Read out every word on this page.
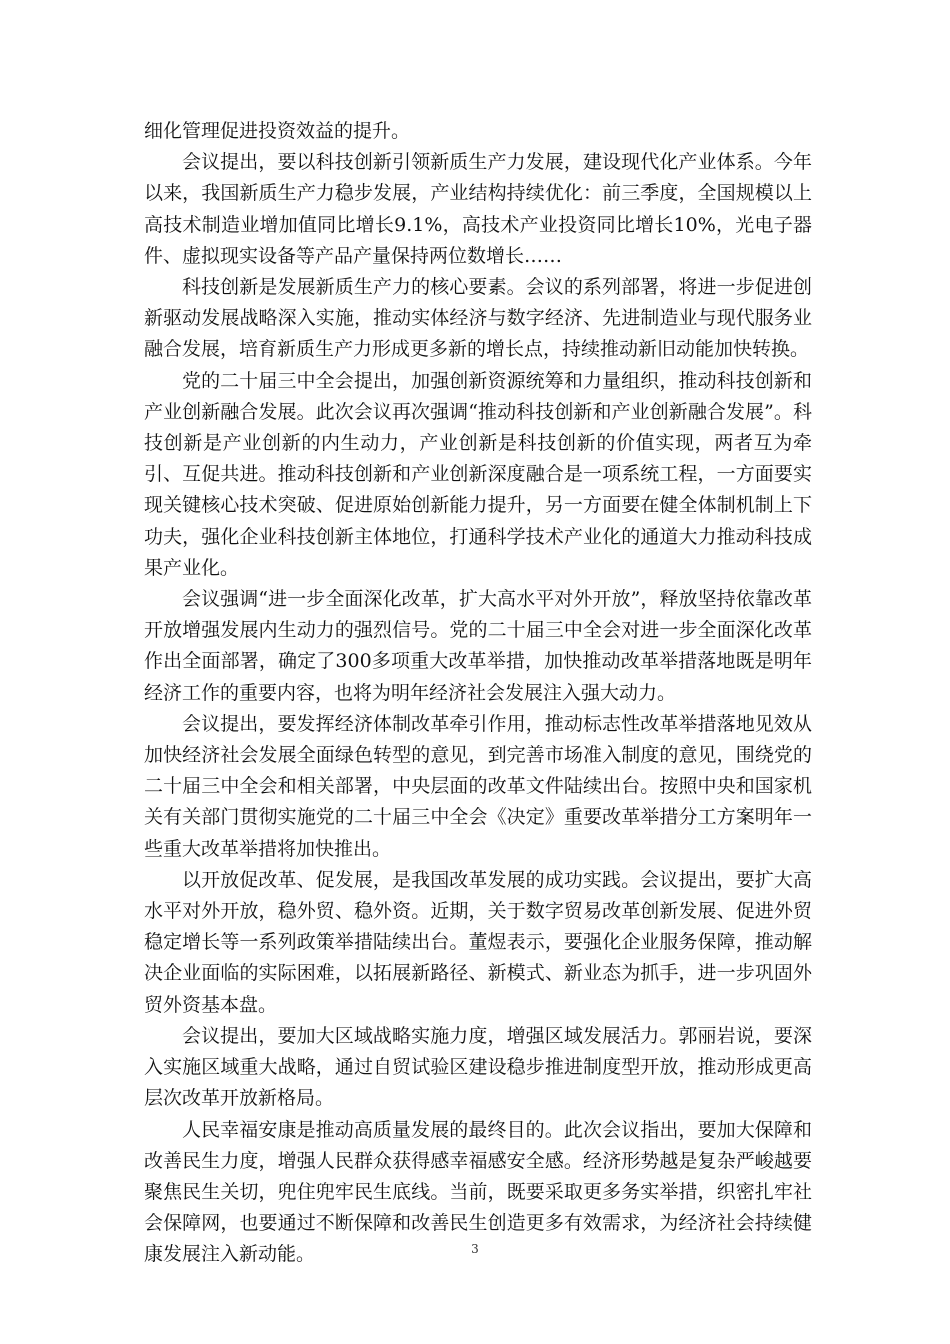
细化管理促进投资效益的提升。

会议提出，要以科技创新引领新质生产力发展，建设现代化产业体系。今年以来，我国新质生产力稳步发展，产业结构持续优化：前三季度，全国规模以上高技术制造业增加值同比增长9.1%，高技术产业投资同比增长10%，光电子器件、虚拟现实设备等产品产量保持两位数增长……

科技创新是发展新质生产力的核心要素。会议的系列部署，将进一步促进创新驱动发展战略深入实施，推动实体经济与数字经济、先进制造业与现代服务业融合发展，培育新质生产力形成更多新的增长点，持续推动新旧动能加快转换。

党的二十届三中全会提出，加强创新资源统筹和力量组织，推动科技创新和产业创新融合发展。此次会议再次强调“推动科技创新和产业创新融合发展”。科技创新是产业创新的内生动力，产业创新是科技创新的价值实现，两者互为牵引、互促共进。推动科技创新和产业创新深度融合是一项系统工程，一方面要实现关键核心技术突破、促进原始创新能力提升，另一方面要在健全体制机制上下功夫，强化企业科技创新主体地位，打通科学技术产业化的通道大力推动科技成果产业化。

会议强调“进一步全面深化改革，扩大高水平对外开放”，释放坚持依靠改革开放增强发展内生动力的强烈信号。党的二十届三中全会对进一步全面深化改革作出全面部署，确定了300多项重大改革举措，加快推动改革举措落地既是明年经济工作的重要内容，也将为明年经济社会发展注入强大动力。

会议提出，要发挥经济体制改革牵引作用，推动标志性改革举措落地见效从加快经济社会发展全面绿色转型的意见，到完善市场准入制度的意见，围绕党的二十届三中全会和相关部署，中央层面的改革文件陆续出台。按照中央和国家机关有关部门贯彻实施党的二十届三中全会《决定》重要改革举措分工方案明年一些重大改革举措将加快推出。

以开放促改革、促发展，是我国改革发展的成功实践。会议提出，要扩大高水平对外开放，稳外贸、稳外资。近期，关于数字贸易改革创新发展、促进外贸稳定增长等一系列政策举措陆续出台。董煜表示，要强化企业服务保障，推动解决企业面临的实际困难，以拓展新路径、新模式、新业态为抓手，进一步巩固外贸外资基本盘。

会议提出，要加大区域战略实施力度，增强区域发展活力。郭丽岩说，要深入实施区域重大战略，通过自贸试验区建设稳步推进制度型开放，推动形成更高层次改革开放新格局。

人民幸福安康是推动高质量发展的最终目的。此次会议指出，要加大保障和改善民生力度，增强人民群众获得感幸福感安全感。经济形势越是复杂严峻越要聚焦民生关切，兜住兜牢民生底线。当前，既要采取更多务实举措，织密扎牢社会保障网，也要通过不断保障和改善民生创造更多有效需求，为经济社会持续健康发展注入新动能。	3
